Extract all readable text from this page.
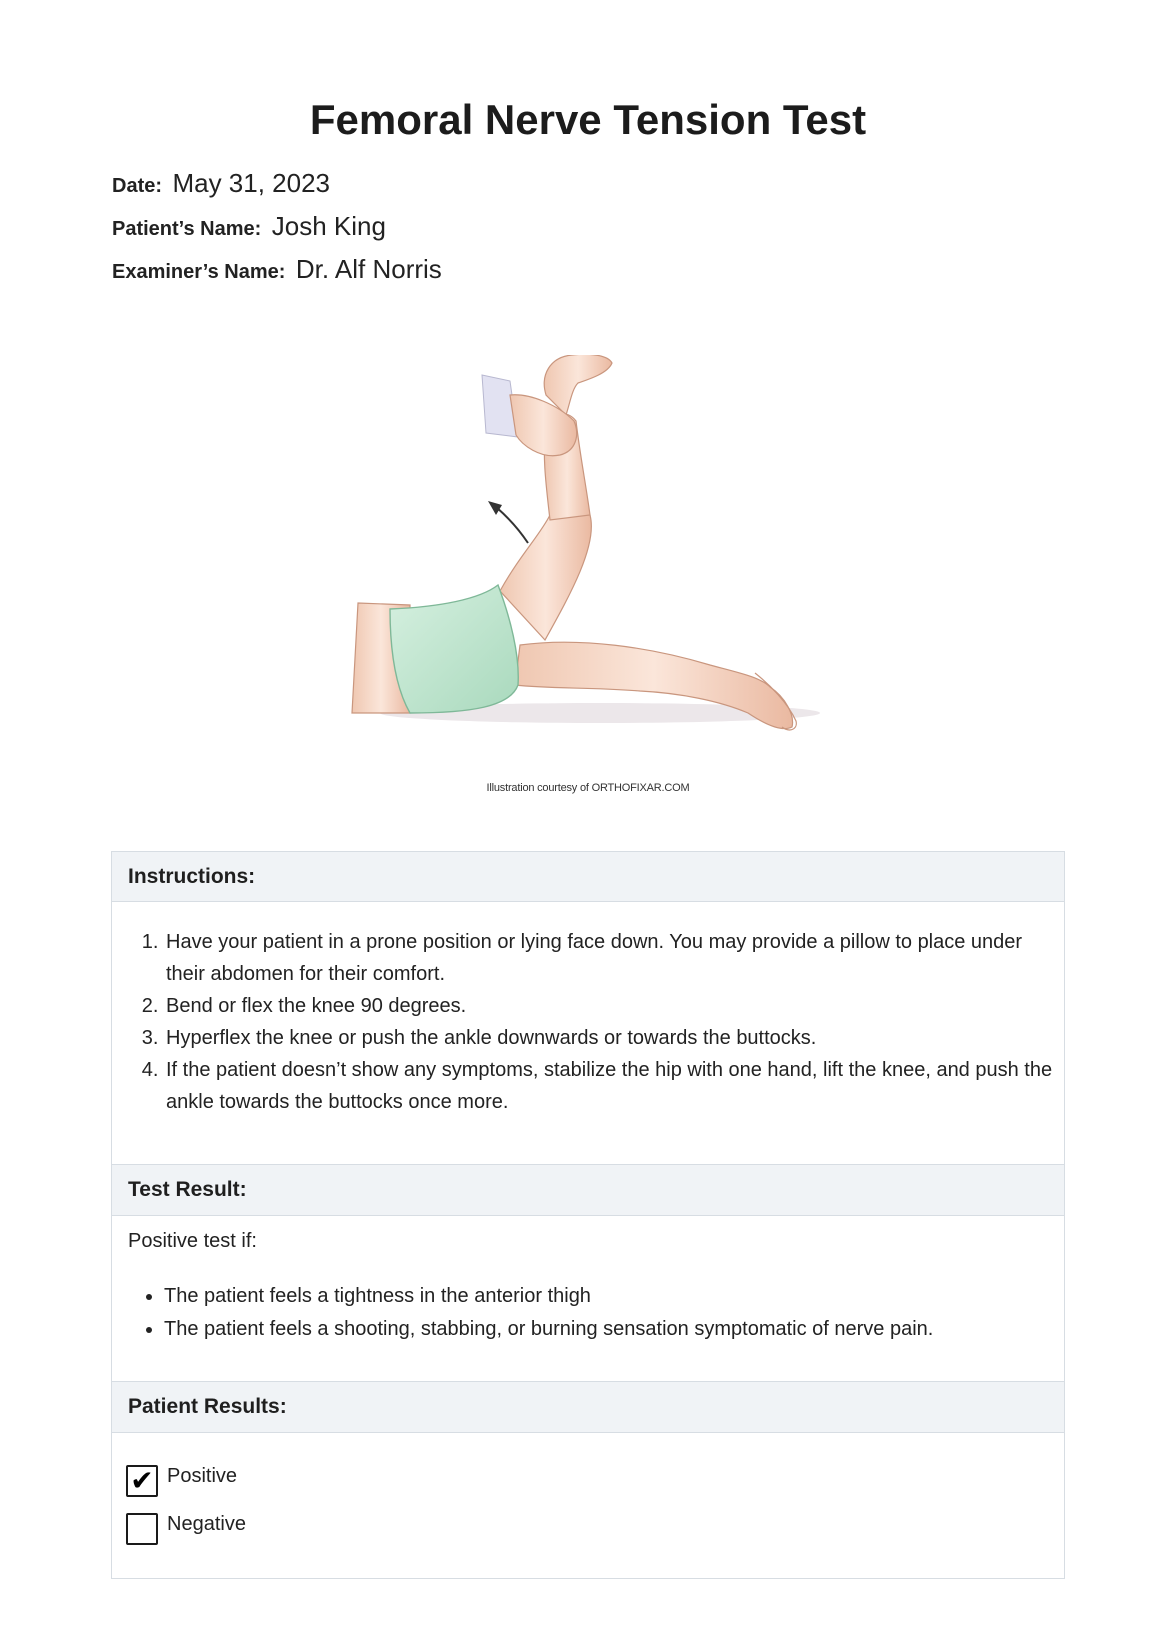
Femoral Nerve Tension Test
Date: May 31, 2023
Patient’s Name: Josh King
Examiner’s Name: Dr. Alf Norris
Illustration courtesy of ORTHOFIXAR.COM
Instructions:
1. Have your patient in a prone position or lying face down. You may provide a pillow to place under their abdomen for their comfort.
2. Bend or flex the knee 90 degrees.
3. Hyperflex the knee or push the ankle downwards or towards the buttocks.
4. If the patient doesn’t show any symptoms, stabilize the hip with one hand, lift the knee, and push the ankle towards the buttocks once more.
Test Result:
Positive test if:
• The patient feels a tightness in the anterior thigh
• The patient feels a shooting, stabbing, or burning sensation symptomatic of nerve pain.
Patient Results:
✔ Positive
Negative
